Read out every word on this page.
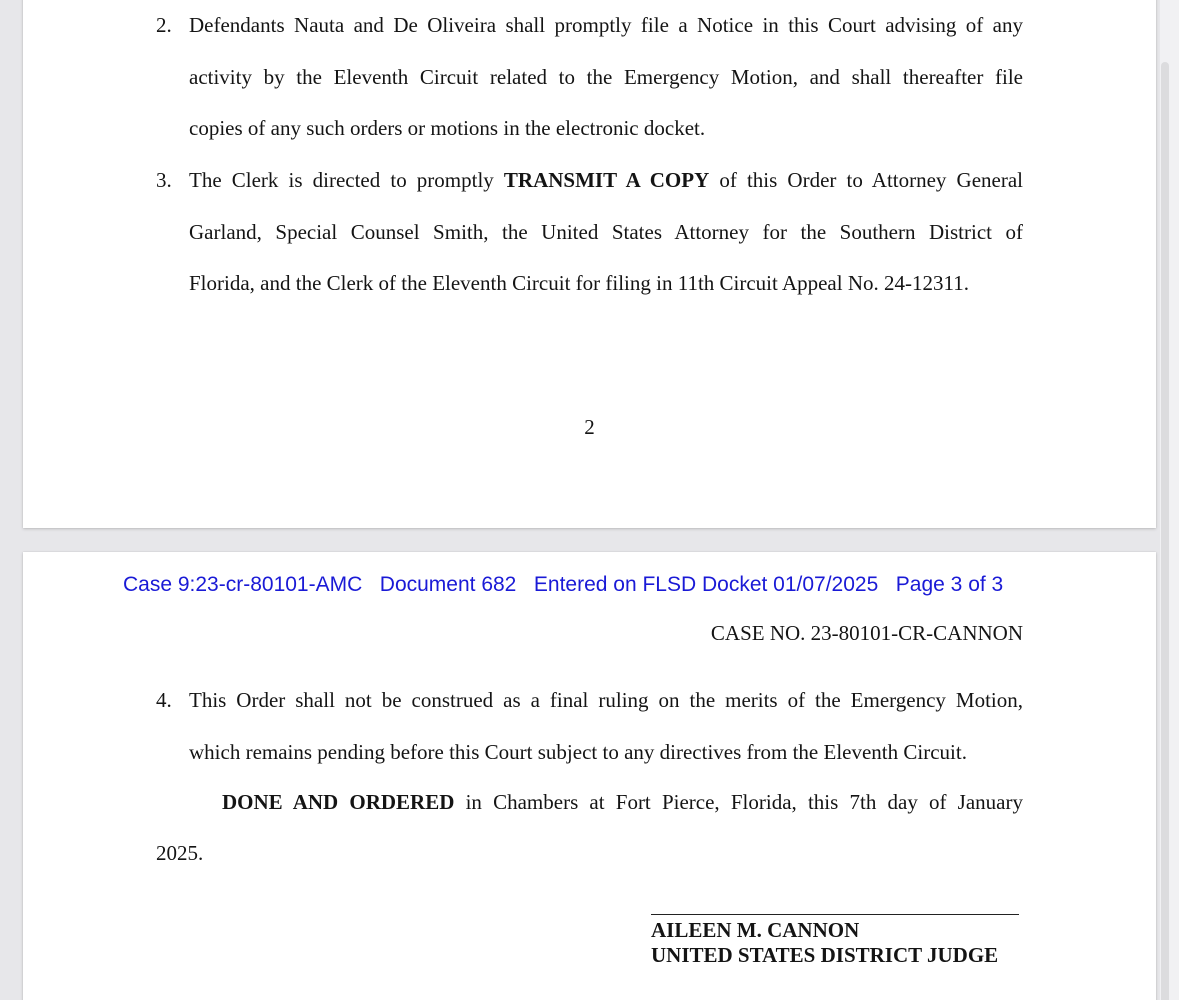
2. Defendants Nauta and De Oliveira shall promptly file a Notice in this Court advising of any
activity by the Eleventh Circuit related to the Emergency Motion, and shall thereafter file
copies of any such orders or motions in the electronic docket.
3. The Clerk is directed to promptly TRANSMIT A COPY of this Order to Attorney General
Garland, Special Counsel Smith, the United States Attorney for the Southern District of
Florida, and the Clerk of the Eleventh Circuit for filing in 11th Circuit Appeal No. 24-12311.
2
Case 9:23-cr-80101-AMC Document 682 Entered on FLSD Docket 01/07/2025 Page 3 of 3
CASE NO. 23-80101-CR-CANNON
4. This Order shall not be construed as a final ruling on the merits of the Emergency Motion,
which remains pending before this Court subject to any directives from the Eleventh Circuit.
DONE AND ORDERED in Chambers at Fort Pierce, Florida, this 7th day of January
2025.
AILEEN M. CANNON
UNITED STATES DISTRICT JUDGE
